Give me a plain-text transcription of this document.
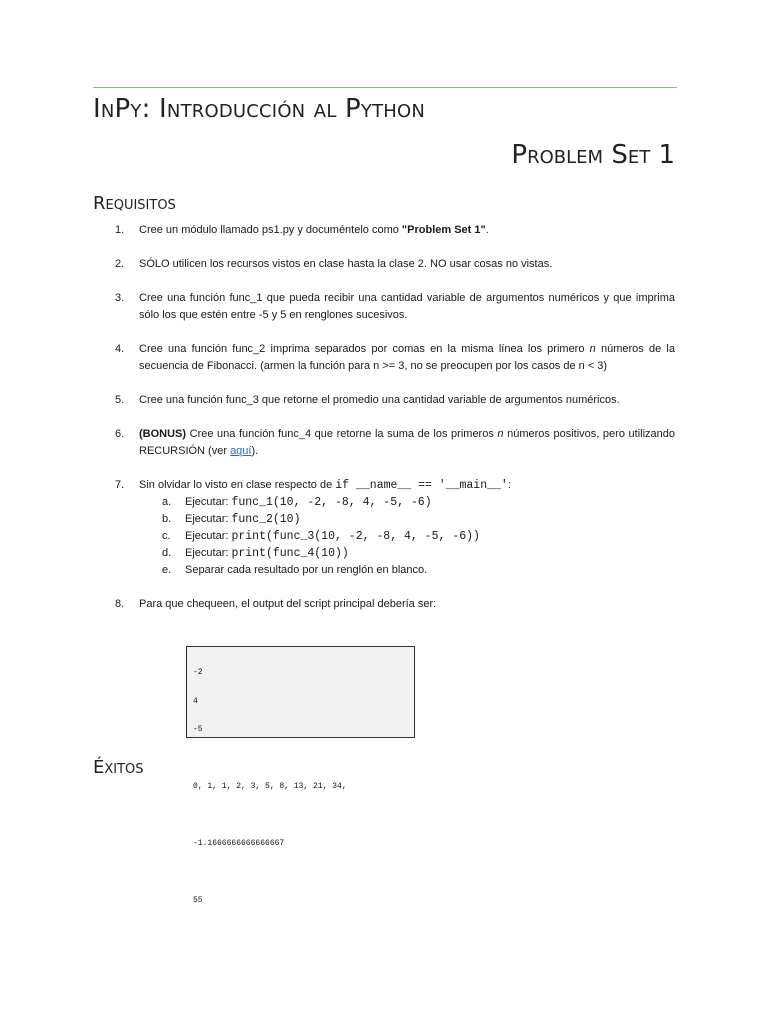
InPy: Introducción al Python
Problem Set 1
Requisitos
1. Cree un módulo llamado ps1.py y documéntelo como "Problem Set 1".
2. SÓLO utilicen los recursos vistos en clase hasta la clase 2. NO usar cosas no vistas.
3. Cree una función func_1 que pueda recibir una cantidad variable de argumentos numéricos y que imprima sólo los que estén entre -5 y 5 en renglones sucesivos.
4. Cree una función func_2 imprima separados por comas en la misma línea los primero n números de la secuencia de Fibonacci. (armen la función para n >= 3, no se preocupen por los casos de n < 3)
5. Cree una función func_3 que retorne el promedio una cantidad variable de argumentos numéricos.
6. (BONUS) Cree una función func_4 que retorne la suma de los primeros n números positivos, pero utilizando RECURSIÓN (ver aquí).
7. Sin olvidar lo visto en clase respecto de if __name__ == '__main__':
a. Ejecutar: func_1(10, -2, -8, 4, -5, -6)
b. Ejecutar: func_2(10)
c. Ejecutar: print(func_3(10, -2, -8, 4, -5, -6))
d. Ejecutar: print(func_4(10))
e. Separar cada resultado por un renglón en blanco.
8. Para que chequeen, el output del script principal debería ser:

-2

4

-5

0, 1, 1, 2, 3, 5, 8, 13, 21, 34,

-1.1666666666666667

55

Éxitos
